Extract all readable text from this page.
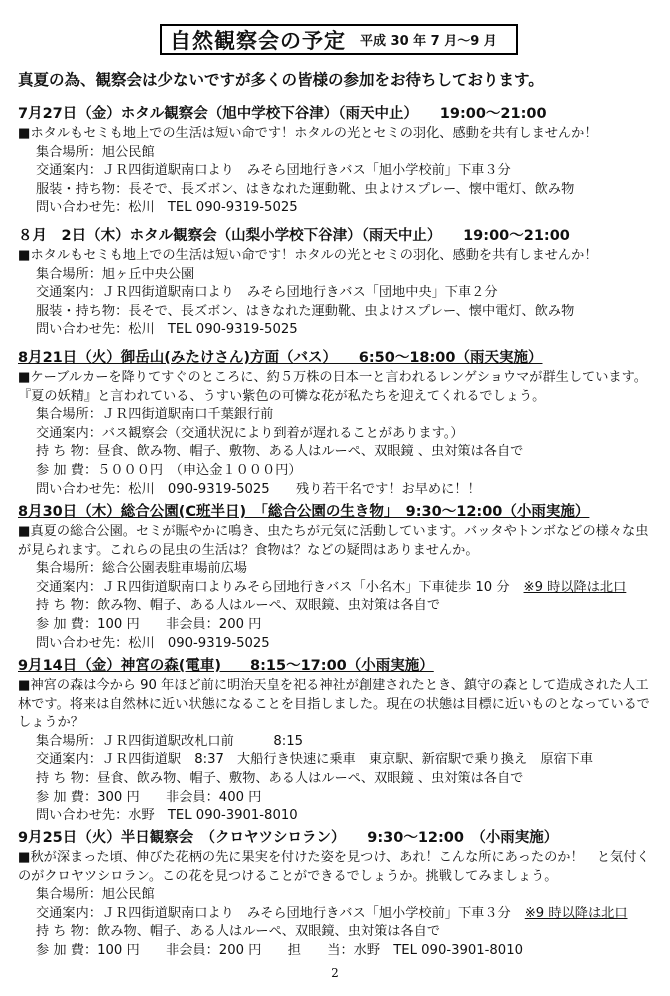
自然観察会の予定 平成 30 年 7 月～9 月
真夏の為、観察会は少ないですが多くの皆様の参加をお待ちしております。
7月27日（金）ホタル観察会（旭中学校下谷津）（雨天中止）　　19:00～21:00
■ホタルもセミも地上での生活は短い命です！ホタルの光とセミの羽化、感動を共有しませんか！
集合場所：旭公民館
交通案内：ＪＲ四街道駅南口より　みそら団地行きバス「旭小学校前」下車３分
服装・持ち物：長そで、長ズボン、はきなれた運動靴、虫よけスプレー、懐中電灯、飲み物
問い合わせ先：松川　TEL 090-9319-5025
８月　2日（木）ホタル観察会（山梨小学校下谷津）（雨天中止）　　19:00～21:00
■ホタルもセミも地上での生活は短い命です！ホタルの光とセミの羽化、感動を共有しませんか！
集合場所：旭ヶ丘中央公園
交通案内：ＪＲ四街道駅南口より　みそら団地行きバス「団地中央」下車２分
服装・持ち物：長そで、長ズボン、はきなれた運動靴、虫よけスプレー、懐中電灯、飲み物
問い合わせ先：松川　TEL 090-9319-5025
8月21日（火）御岳山(みたけさん)方面（バス）　　6:50～18:00（雨天実施）
■ケーブルカーを降りてすぐのところに、約５万株の日本一と言われるレンゲショウマが群生しています。『夏の妖精』と言われている、うすい紫色の可憐な花が私たちを迎えてくれるでしょう。
集合場所：ＪＲ四街道駅南口千葉銀行前
交通案内：バス観察会（交通状況により到着が遅れることがあります。）
持 ち 物：昼食、飲み物、帽子、敷物、ある人はルーペ、双眼鏡 、虫対策は各自で
参 加 費：５０００円　（申込金１０００円）
問い合わせ先：松川　090-9319-5025　　残り若干名です！お早めに！！
8月30日（木）総合公園(C班半日)　「総合公園の生き物」　9:30～12:00（小雨実施）
■真夏の総合公園。セミが賑やかに鳴き、虫たちが元気に活動しています。バッタやトンボなどの様々な虫が見られます。これらの昆虫の生活は？食物は？などの疑問はありませんか。
集合場所：総合公園表駐車場前広場
交通案内：ＪＲ四街道駅南口よりみそら団地行きバス「小名木」下車徒歩 10 分 ※9 時以降は北口
持 ち 物：飲み物、帽子、ある人はルーペ、双眼鏡、虫対策は各自で
参 加 費：100 円　　非会員：200 円
問い合わせ先：松川　090-9319-5025
9月14日（金）神宮の森(電車)　　8:15～17:00（小雨実施）
■神宮の森は今から 90 年ほど前に明治天皇を祀る神社が創建されたとき、鎮守の森として造成された人工林です。将来は自然林に近い状態になることを目指しました。現在の状態は目標に近いものとなっているでしょうか？
集合場所：ＪＲ四街道駅改札口前　　　8:15
交通案内：ＪＲ四街道駅　8:37　大船行き快速に乗車　東京駅、新宿駅で乗り換え　原宿下車
持 ち 物：昼食、飲み物、帽子、敷物、ある人はルーペ、双眼鏡 、虫対策は各自で
参 加 費：300 円　　非会員：400 円
問い合わせ先：水野　TEL 090-3901-8010
9月25日（火）半日観察会　（クロヤツシロラン）　　9:30～12:00　（小雨実施）
■秋が深まった頃、伸びた花柄の先に果実を付けた姿を見つけ、あれ！こんな所にあったのか！　と気付くのがクロヤツシロラン。この花を見つけることができるでしょうか。挑戦してみましょう。
集合場所：旭公民館
交通案内：ＪＲ四街道駅南口より　みそら団地行きバス「旭小学校前」下車３分 ※9 時以降は北口
持 ち 物：飲み物、帽子、ある人はルーペ、双眼鏡、虫対策は各自で
参 加 費：100 円　　非会員：200 円　　担　　当：水野　TEL 090-3901-8010
2
